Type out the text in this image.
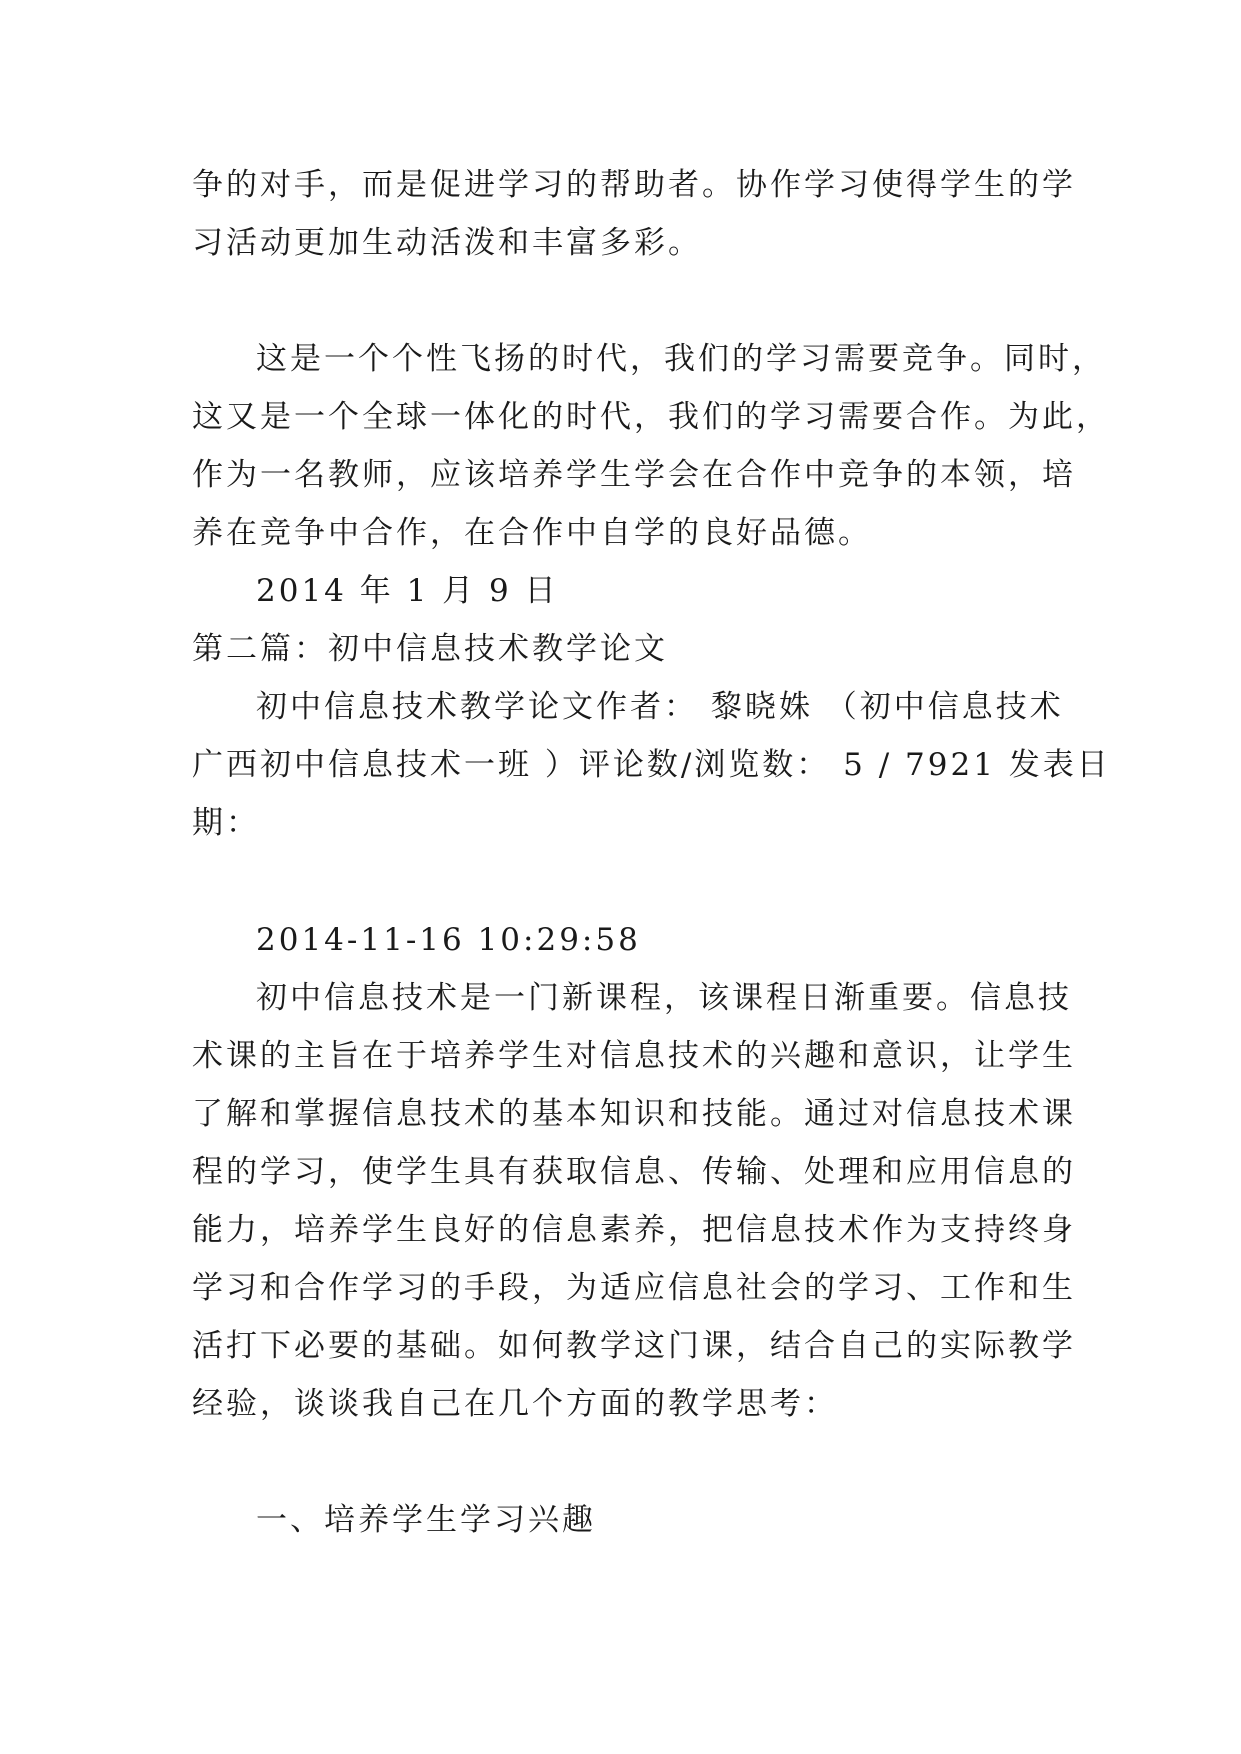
争的对手，而是促进学习的帮助者。协作学习使得学生的学
习活动更加生动活泼和丰富多彩。
这是一个个性飞扬的时代，我们的学习需要竞争。同时，
这又是一个全球一体化的时代，我们的学习需要合作。为此，
作为一名教师，应该培养学生学会在合作中竞争的本领，培
养在竞争中合作，在合作中自学的良好品德。
2014 年 1 月 9 日
第二篇：初中信息技术教学论文
初中信息技术教学论文作者： 黎晓姝 （初中信息技术
广西初中信息技术一班 ）评论数/浏览数： 5 / 7921 发表日
期：
2014-11-16 10:29:58
初中信息技术是一门新课程，该课程日渐重要。信息技
术课的主旨在于培养学生对信息技术的兴趣和意识，让学生
了解和掌握信息技术的基本知识和技能。通过对信息技术课
程的学习，使学生具有获取信息、传输、处理和应用信息的
能力，培养学生良好的信息素养，把信息技术作为支持终身
学习和合作学习的手段，为适应信息社会的学习、工作和生
活打下必要的基础。如何教学这门课，结合自己的实际教学
经验，谈谈我自己在几个方面的教学思考：
一、培养学生学习兴趣
